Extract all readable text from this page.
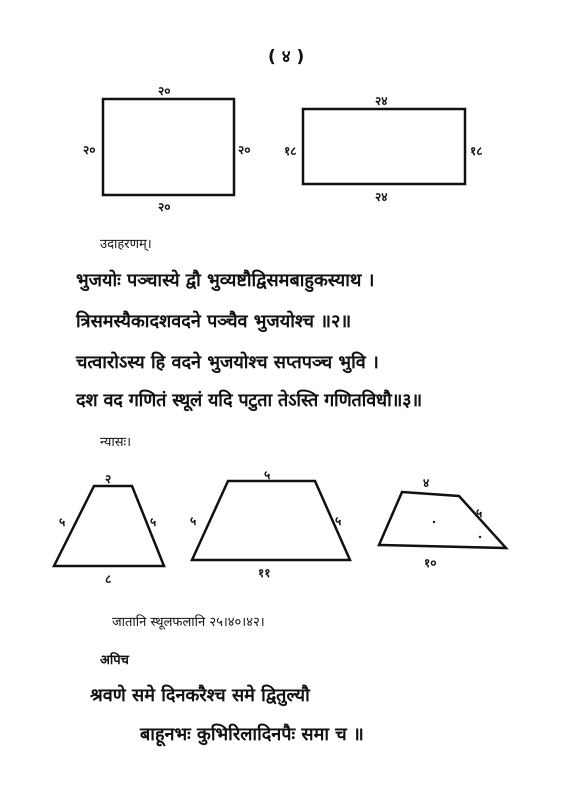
( ४ )
२०
२०	२०
२०
२४
१८	१८
२४
उदाहरणम्।
भुजयोः पञ्चास्ये द्वौ भुव्यष्टौद्विसमबाहुकस्याथ ।
त्रिसमस्यैकादशवदने पञ्चैव भुजयोश्च ॥२॥
चत्वारोऽस्य हि वदने भुजयोश्च सप्तपञ्च भुवि ।
दश वद गणितं स्थूलं यदि पटुता तेऽस्ति गणितविधौ॥३॥
न्यासः।
२
५	५
८
५
५	५
११
४
५
१०
जातानि स्थूलफलानि २५।४०।४२।
अपिच
श्रवणे समे दिनकरैश्च समे द्वितुल्यौ
बाहूनभः कुभिरिलादिनपैः समा च ॥
